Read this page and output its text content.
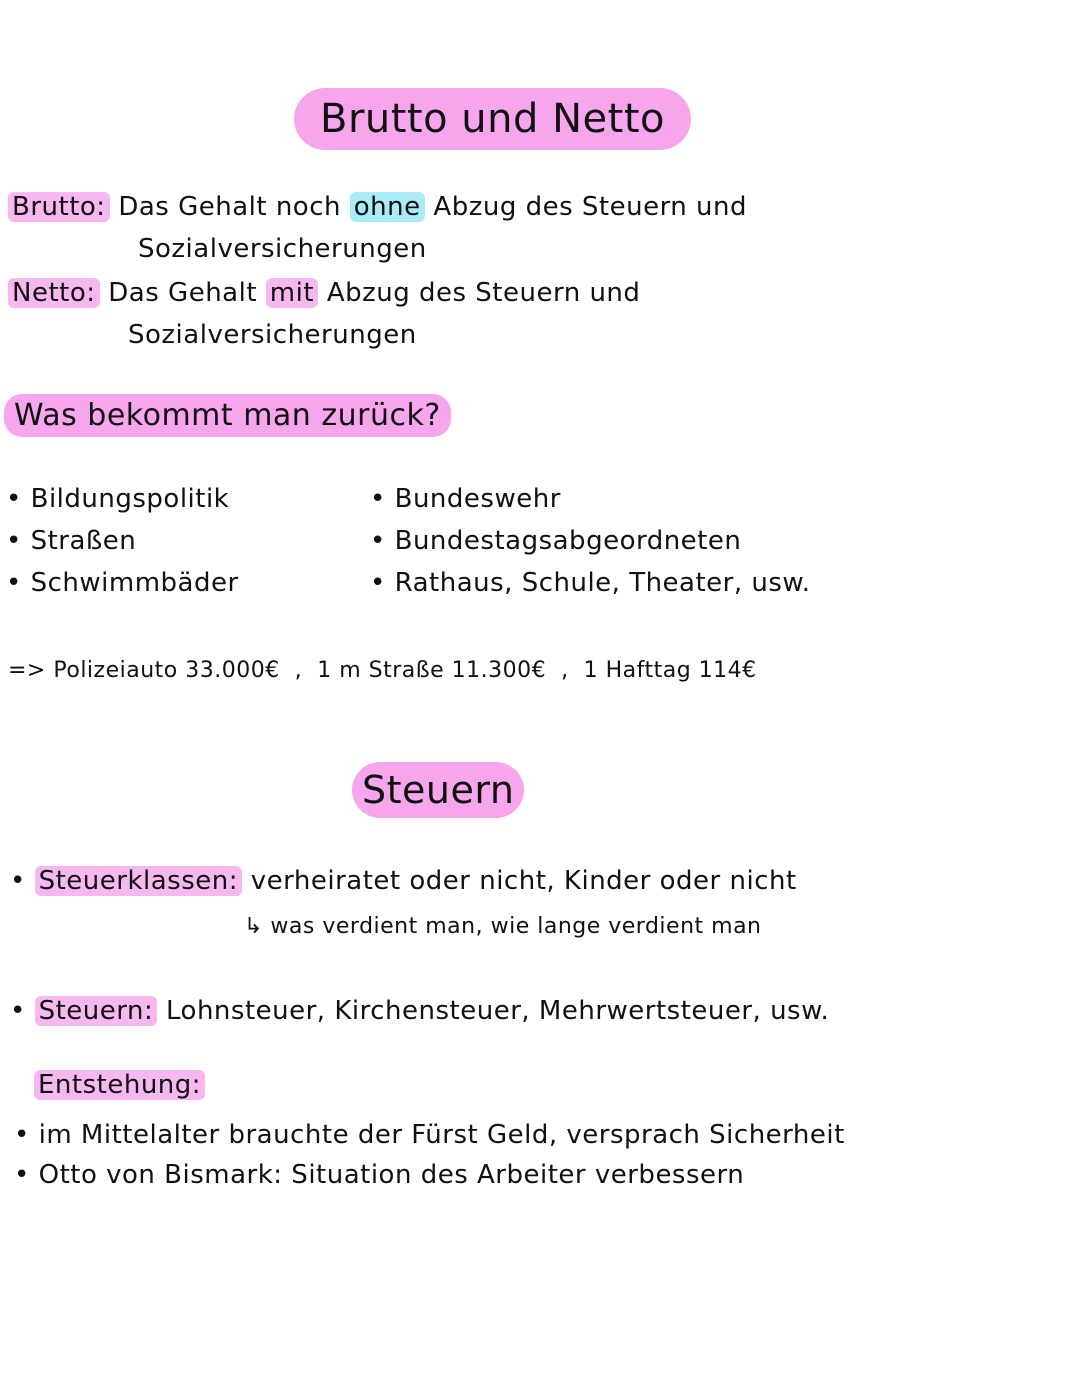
Brutto und Netto
Brutto: Das Gehalt noch ohne Abzug des Steuern und
Sozialversicherungen
Netto: Das Gehalt mit Abzug des Steuern und
Sozialversicherungen
Was bekommt man zurück?
• Bildungspolitik
• Straßen
• Schwimmbäder
• Bundeswehr
• Bundestagsabgeordneten
• Rathaus, Schule, Theater, usw.
=> Polizeiauto 33.000€  ,  1 m Straße 11.300€  ,  1 Hafttag 114€
Steuern
• Steuerklassen: verheiratet oder nicht, Kinder oder nicht
↳ was verdient man, wie lange verdient man
• Steuern: Lohnsteuer, Kirchensteuer, Mehrwertsteuer, usw.
Entstehung:
• im Mittelalter brauchte der Fürst Geld, versprach Sicherheit
• Otto von Bismark: Situation des Arbeiter verbessern
